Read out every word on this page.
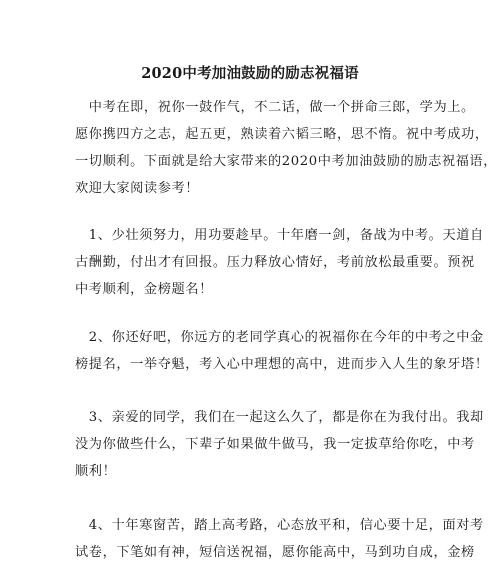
2020中考加油鼓励的励志祝福语
　中考在即，祝你一鼓作气，不二话，做一个拼命三郎，学为上。
愿你携四方之志，起五更，熟读着六韬三略，思不惰。祝中考成功，
一切顺利。下面就是给大家带来的2020中考加油鼓励的励志祝福语，
欢迎大家阅读参考！
　1、少壮须努力，用功要趁早。十年磨一剑，备战为中考。天道自
古酬勤，付出才有回报。压力释放心情好，考前放松最重要。预祝
中考顺利，金榜题名！
　2、你还好吧，你远方的老同学真心的祝福你在今年的中考之中金
榜提名，一举夺魁，考入心中理想的高中，进而步入人生的象牙塔！
　3、亲爱的同学，我们在一起这么久了，都是你在为我付出。我却
没为你做些什么，下辈子如果做牛做马，我一定拔草给你吃，中考
顺利！
　4、十年寒窗苦，踏上高考路，心态放平和，信心要十足，面对考
试卷，下笔如有神，短信送祝福，愿你能高中，马到功自成，金榜
